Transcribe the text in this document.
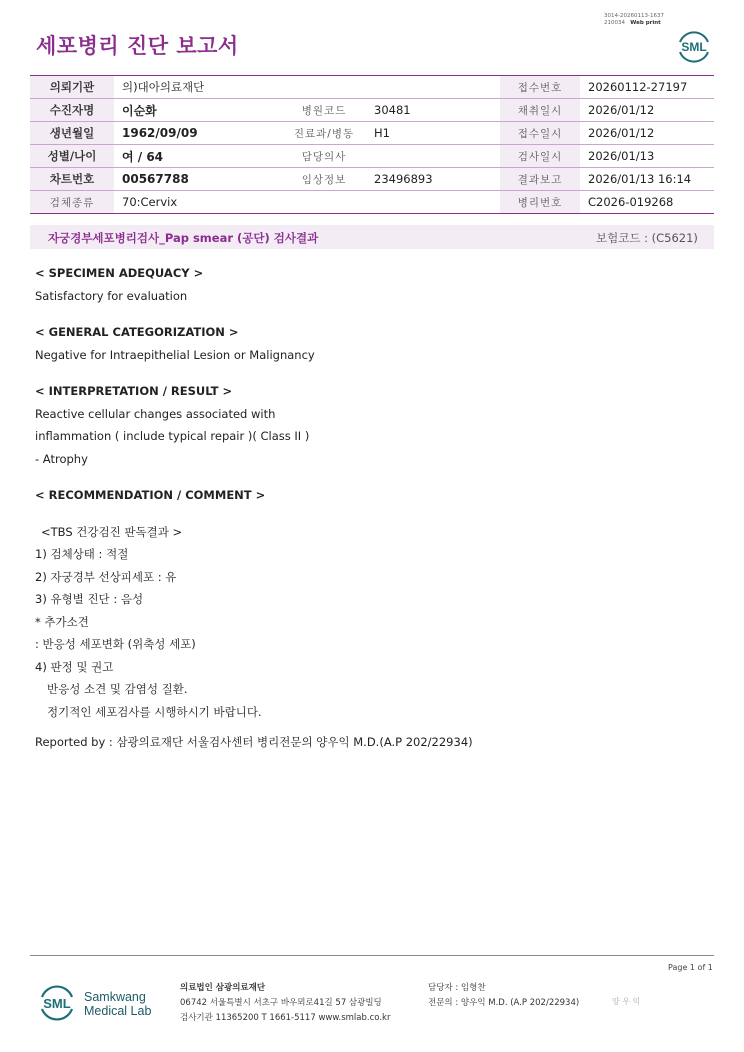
세포병리 진단 보고서
3014-20260113-1637
210034 Web print
SML
의뢰기관	의)대아의료재단			접수번호	20260112-27197
수진자명	이순화	병원코드	30481	채취일시	2026/01/12
생년월일	1962/09/09	진료과/병동	H1	접수일시	2026/01/12
성별/나이	여 / 64	담당의사		검사일시	2026/01/13
차트번호	00567788	임상정보	23496893	결과보고	2026/01/13 16:14
검체종류	70:Cervix			병리번호	C2026-019268
자궁경부세포병리검사_Pap smear (공단) 검사결과	보험코드 : (C5621)
< SPECIMEN ADEQUACY >
Satisfactory for evaluation
< GENERAL CATEGORIZATION >
Negative for Intraepithelial Lesion or Malignancy
< INTERPRETATION / RESULT >
Reactive cellular changes associated with
inflammation ( include typical repair )( Class II )
- Atrophy
< RECOMMENDATION / COMMENT >
<TBS 건강검진 판독결과 >
1) 검체상태 : 적절
2) 자궁경부 선상피세포 : 유
3) 유형별 진단 : 음성
* 추가소견
: 반응성 세포변화 (위축성 세포)
4) 판정 및 권고
반응성 소견 및 감염성 질환.
정기적인 세포검사를 시행하시기 바랍니다.
Reported by : 삼광의료재단 서울검사센터 병리전문의 양우익 M.D.(A.P 202/22934)
Page 1 of 1
SML Samkwang
Medical Lab
의료법인 삼광의료재단
06742 서울특별시 서초구 바우뫼로41길 57 삼광빌딩
검사기관 11365200 T 1661-5117 www.smlab.co.kr
담당자 : 임형찬
전문의 : 양우익 M.D. (A.P 202/22934)	양 우 익
